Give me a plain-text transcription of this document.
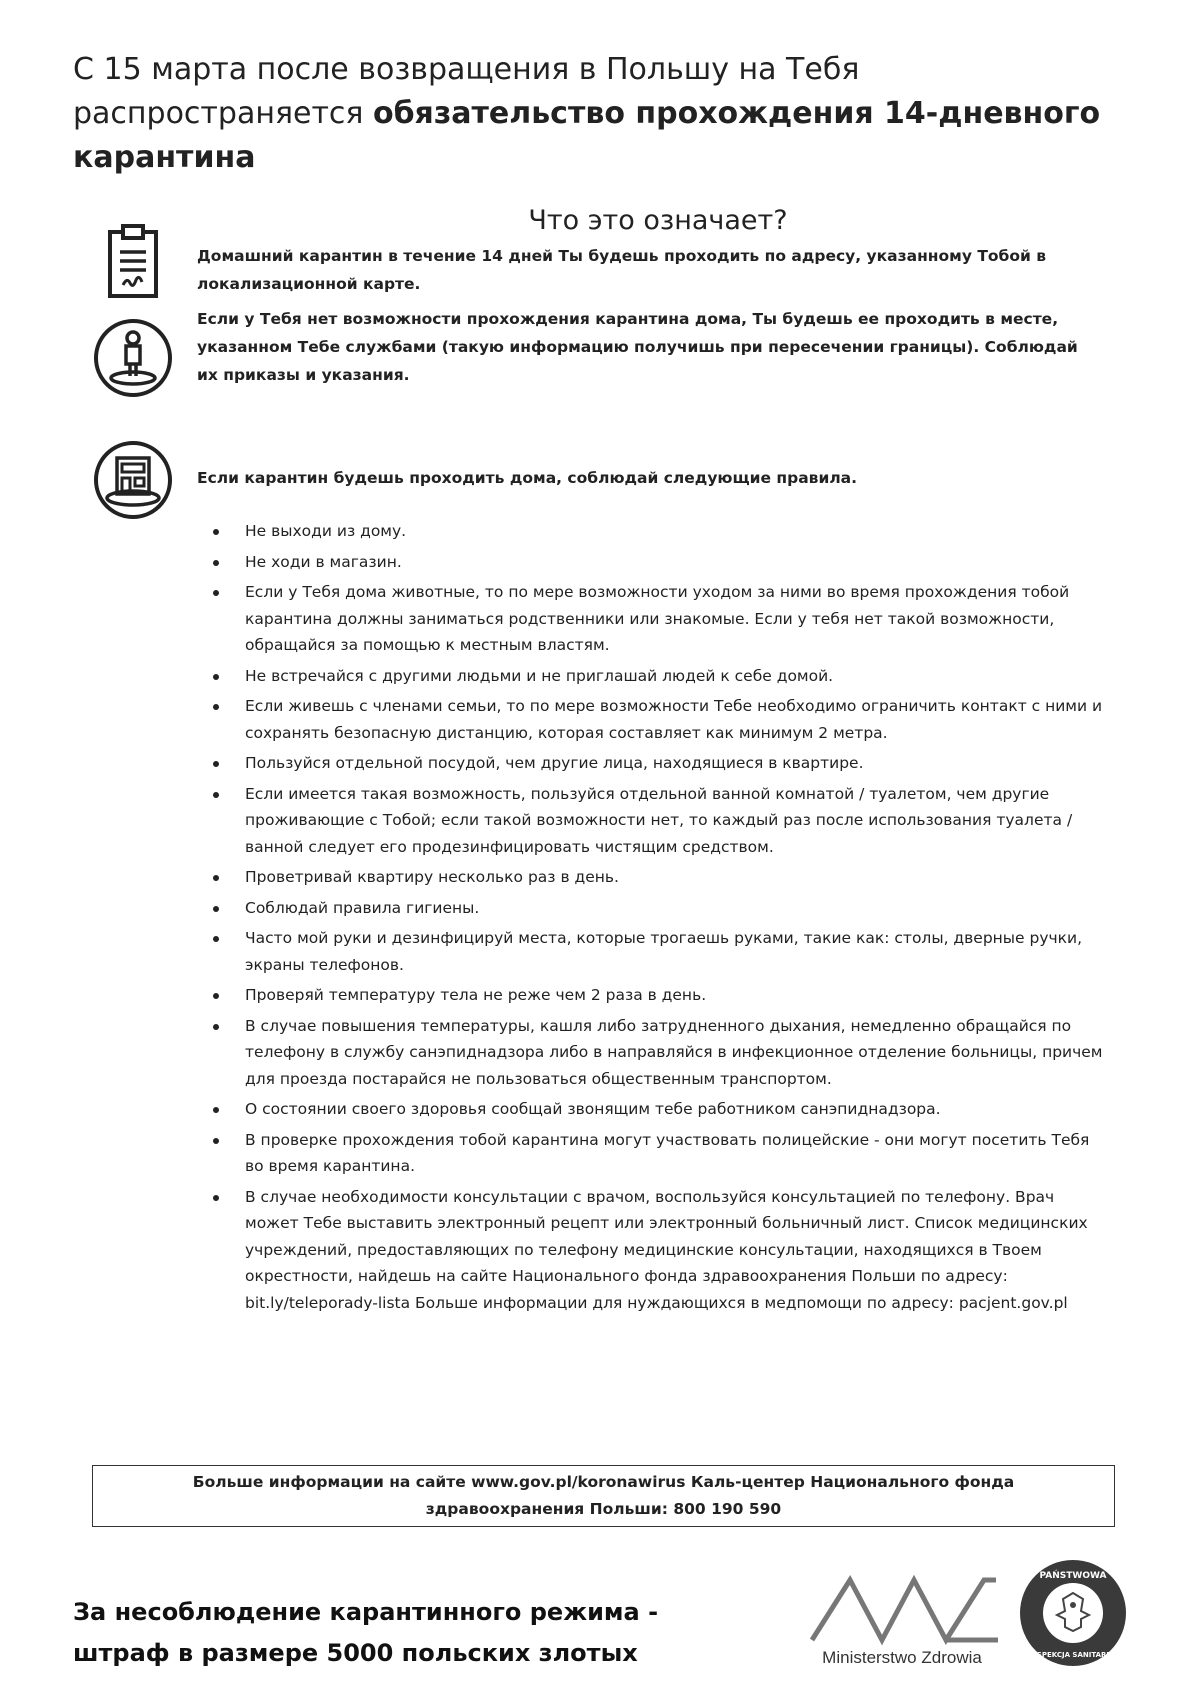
С 15 марта после возвращения в Польшу на Тебя распространяется обязательство прохождения 14-дневного карантина
Что это означает?
Домашний карантин в течение 14 дней Ты будешь проходить по адресу, указанному Тобой в локализационной карте.
Если у Тебя нет возможности прохождения карантина дома, Ты будешь ее проходить в месте, указанном Тебе службами (такую информацию получишь при пересечении границы). Соблюдай их приказы и указания.
Если карантин будешь проходить дома, соблюдай следующие правила.
Не выходи из дому.
Не ходи в магазин.
Если у Тебя дома животные, то по мере возможности уходом за ними во время прохождения тобой карантина должны заниматься родственники или знакомые. Если у тебя нет такой возможности, обращайся за помощью к местным властям.
Не встречайся с другими людьми и не приглашай людей к себе домой.
Если живешь с членами семьи, то по мере возможности Тебе необходимо ограничить контакт с ними и сохранять безопасную дистанцию, которая составляет как минимум 2 метра.
Пользуйся отдельной посудой, чем другие лица, находящиеся в квартире.
Если имеется такая возможность, пользуйся отдельной ванной комнатой / туалетом, чем другие проживающие с Тобой; если такой возможности нет, то каждый раз после использования туалета /ванной следует его продезинфицировать чистящим средством.
Проветривай квартиру несколько раз в день.
Соблюдай правила гигиены.
Часто мой руки и дезинфицируй места, которые трогаешь руками, такие как: столы, дверные ручки, экраны телефонов.
Проверяй температуру тела не реже чем 2 раза в день.
В случае повышения температуры, кашля либо затрудненного дыхания, немедленно обращайся по телефону в службу санэпиднадзора либо в направляйся в инфекционное отделение больницы, причем для проезда постарайся не пользоваться общественным транспортом.
О состоянии своего здоровья сообщай звонящим тебе работником санэпиднадзора.
В проверке прохождения тобой карантина могут участвовать полицейские - они могут посетить Тебя во время карантина.
В случае необходимости консультации с врачом, воспользуйся консультацией по телефону. Врач может Тебе выставить электронный рецепт или электронный больничный лист. Список медицинских учреждений, предоставляющих по телефону медицинские консультации, находящихся в Твоем окрестности, найдешь на сайте Национального фонда здравоохранения Польши по адресу: bit.ly/teleporady-lista Больше информации для нуждающихся в медпомощи по адресу: pacjent.gov.pl
Больше информации на сайте www.gov.pl/koronawirus Каль-центер Национального фонда здравоохранения Польши: 800 190 590
За несоблюдение карантинного режима - штраф в размере 5000 польских злотых	Ministerstwo Zdrowia
PAŃSTWOWA
INSPEKCJA SANITARNA
